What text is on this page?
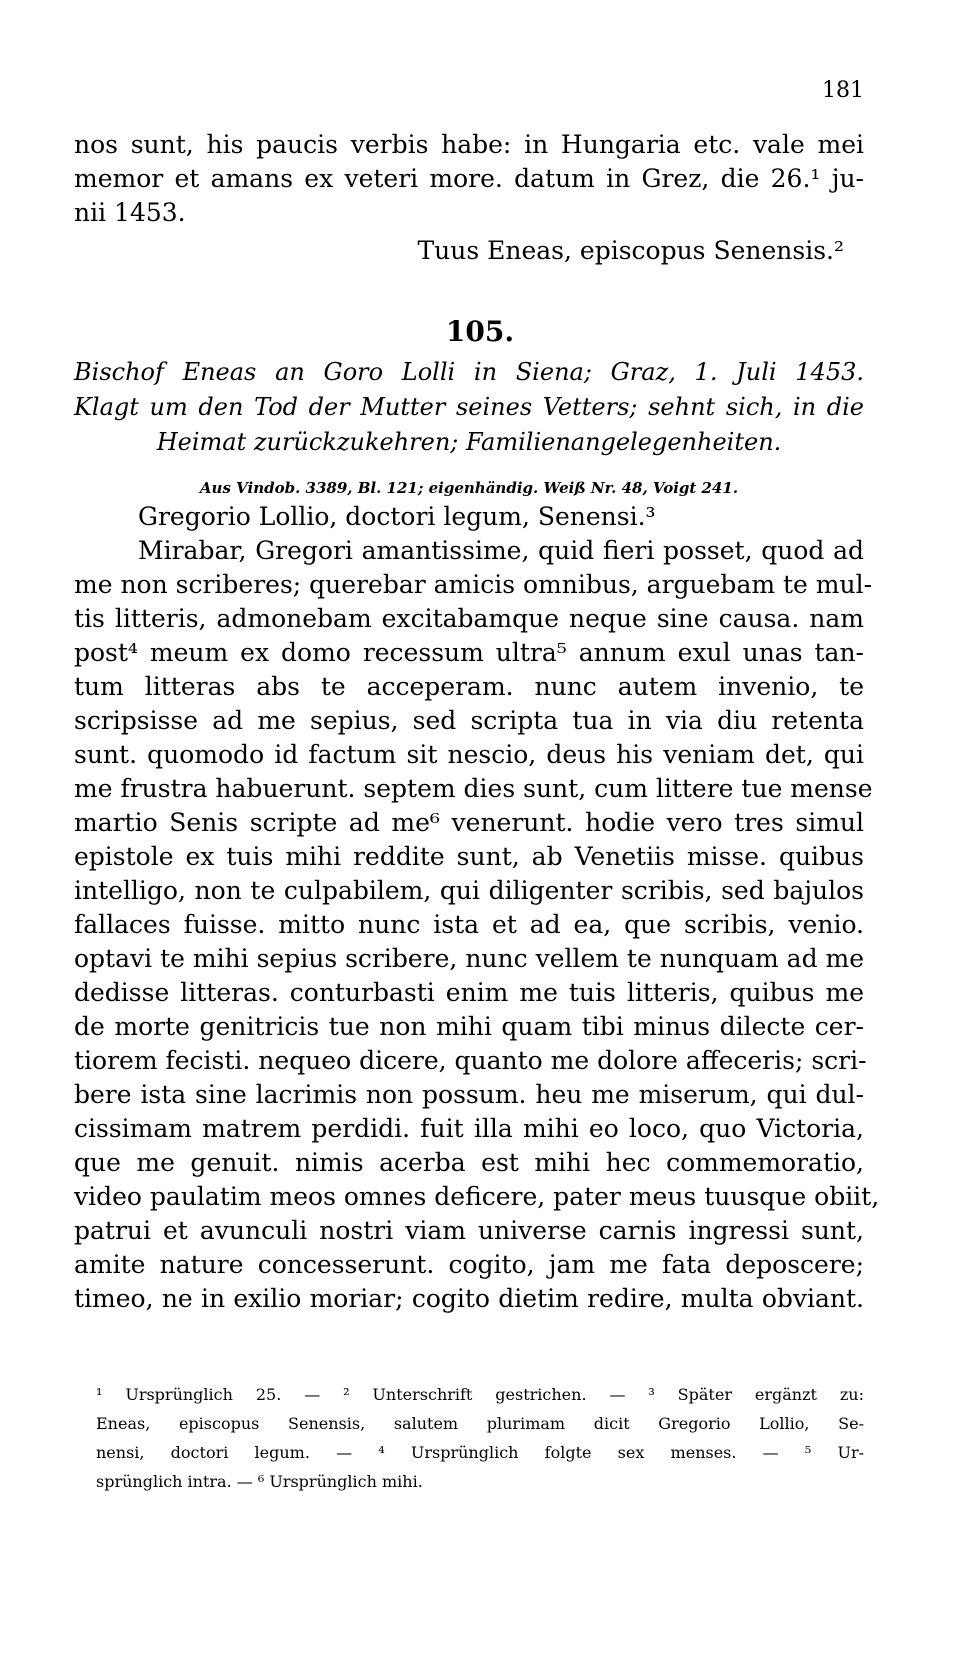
181
nos sunt, his paucis verbis habe: in Hungaria etc. vale mei
memor et amans ex veteri more. datum in Grez, die 26.¹ ju-
nii 1453.
Tuus Eneas, episcopus Senensis.²
105.
Bischof Eneas an Goro Lolli in Siena; Graz, 1. Juli 1453.
Klagt um den Tod der Mutter seines Vetters; sehnt sich, in die
Heimat zurückzukehren; Familienangelegenheiten.
Aus Vindob. 3389, Bl. 121; eigenhändig. Weiß Nr. 48, Voigt 241.
Gregorio Lollio, doctori legum, Senensi.³
Mirabar, Gregori amantissime, quid fieri posset, quod ad
me non scriberes; querebar amicis omnibus, arguebam te mul-
tis litteris, admonebam excitabamque neque sine causa. nam
post⁴ meum ex domo recessum ultra⁵ annum exul unas tan-
tum litteras abs te acceperam. nunc autem invenio, te
scripsisse ad me sepius, sed scripta tua in via diu retenta
sunt. quomodo id factum sit nescio, deus his veniam det, qui
me frustra habuerunt. septem dies sunt, cum littere tue mense
martio Senis scripte ad me⁶ venerunt. hodie vero tres simul
epistole ex tuis mihi reddite sunt, ab Venetiis misse. quibus
intelligo, non te culpabilem, qui diligenter scribis, sed bajulos
fallaces fuisse. mitto nunc ista et ad ea, que scribis, venio.
optavi te mihi sepius scribere, nunc vellem te nunquam ad me
dedisse litteras. conturbasti enim me tuis litteris, quibus me
de morte genitricis tue non mihi quam tibi minus dilecte cer-
tiorem fecisti. nequeo dicere, quanto me dolore affeceris; scri-
bere ista sine lacrimis non possum. heu me miserum, qui dul-
cissimam matrem perdidi. fuit illa mihi eo loco, quo Victoria,
que me genuit. nimis acerba est mihi hec commemoratio,
video paulatim meos omnes deficere, pater meus tuusque obiit,
patrui et avunculi nostri viam universe carnis ingressi sunt,
amite nature concesserunt. cogito, jam me fata deposcere;
timeo, ne in exilio moriar; cogito dietim redire, multa obviant.
¹ Ursprünglich 25. — ² Unterschrift gestrichen. — ³ Später ergänzt zu:
Eneas, episcopus Senensis, salutem plurimam dicit Gregorio Lollio, Se-
nensi, doctori legum. — ⁴ Ursprünglich folgte sex menses. — ⁵ Ur-
sprünglich intra. — ⁶ Ursprünglich mihi.
